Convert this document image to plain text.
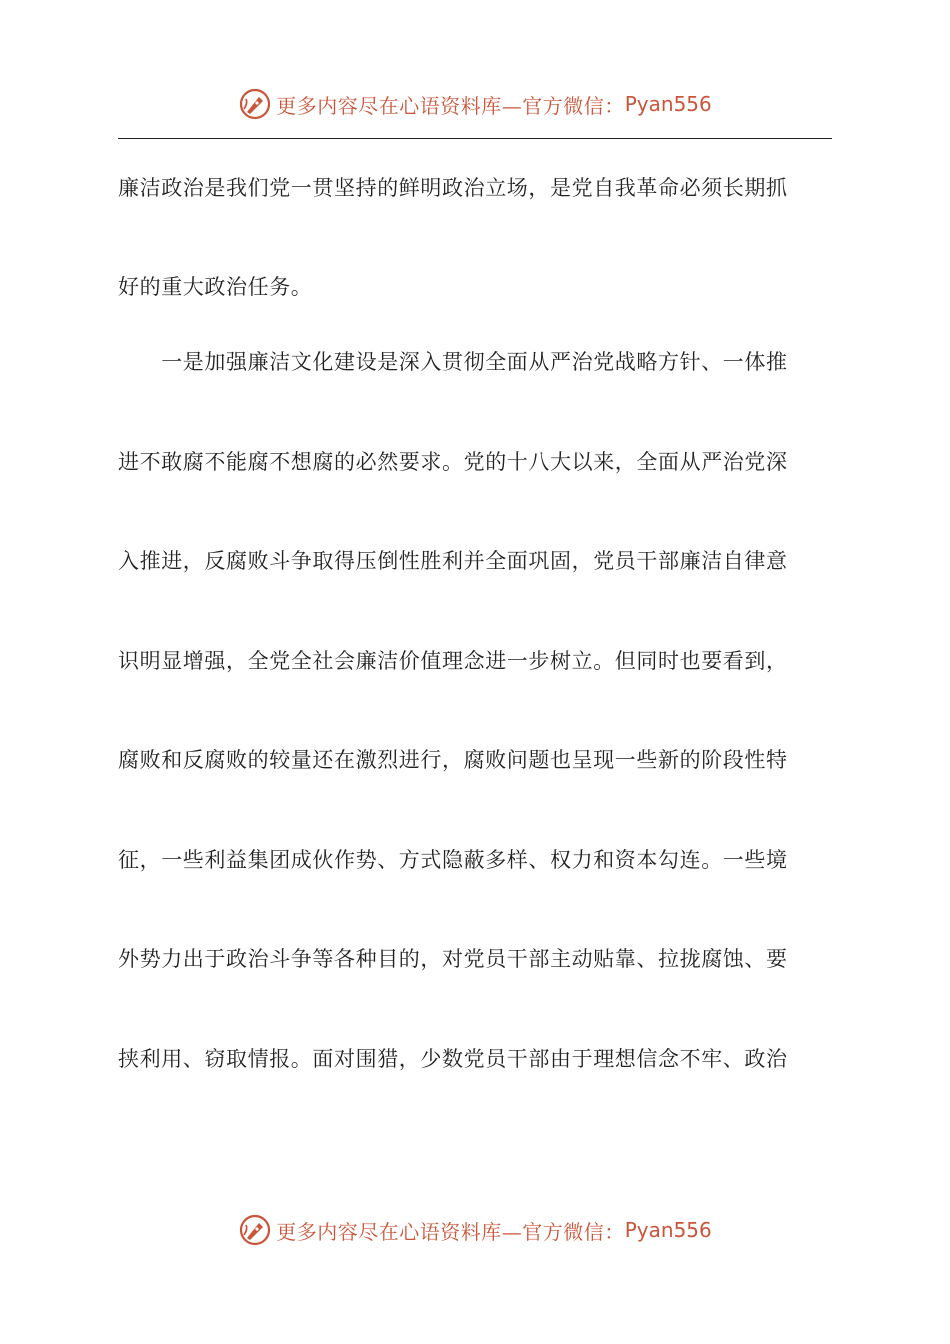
更多内容尽在心语资料库—官方微信： Pyan556
廉洁政治是我们党一贯坚持的鲜明政治立场，是党自我革命必须长期抓
好的重大政治任务。
　　一是加强廉洁文化建设是深入贯彻全面从严治党战略方针、一体推
进不敢腐不能腐不想腐的必然要求。党的十八大以来，全面从严治党深
入推进，反腐败斗争取得压倒性胜利并全面巩固，党员干部廉洁自律意
识明显增强，全党全社会廉洁价值理念进一步树立。但同时也要看到，
腐败和反腐败的较量还在激烈进行，腐败问题也呈现一些新的阶段性特
征，一些利益集团成伙作势、方式隐蔽多样、权力和资本勾连。一些境
外势力出于政治斗争等各种目的，对党员干部主动贴靠、拉拢腐蚀、要
挟利用、窃取情报。面对围猎，少数党员干部由于理想信念不牢、政治
更多内容尽在心语资料库—官方微信： Pyan556
